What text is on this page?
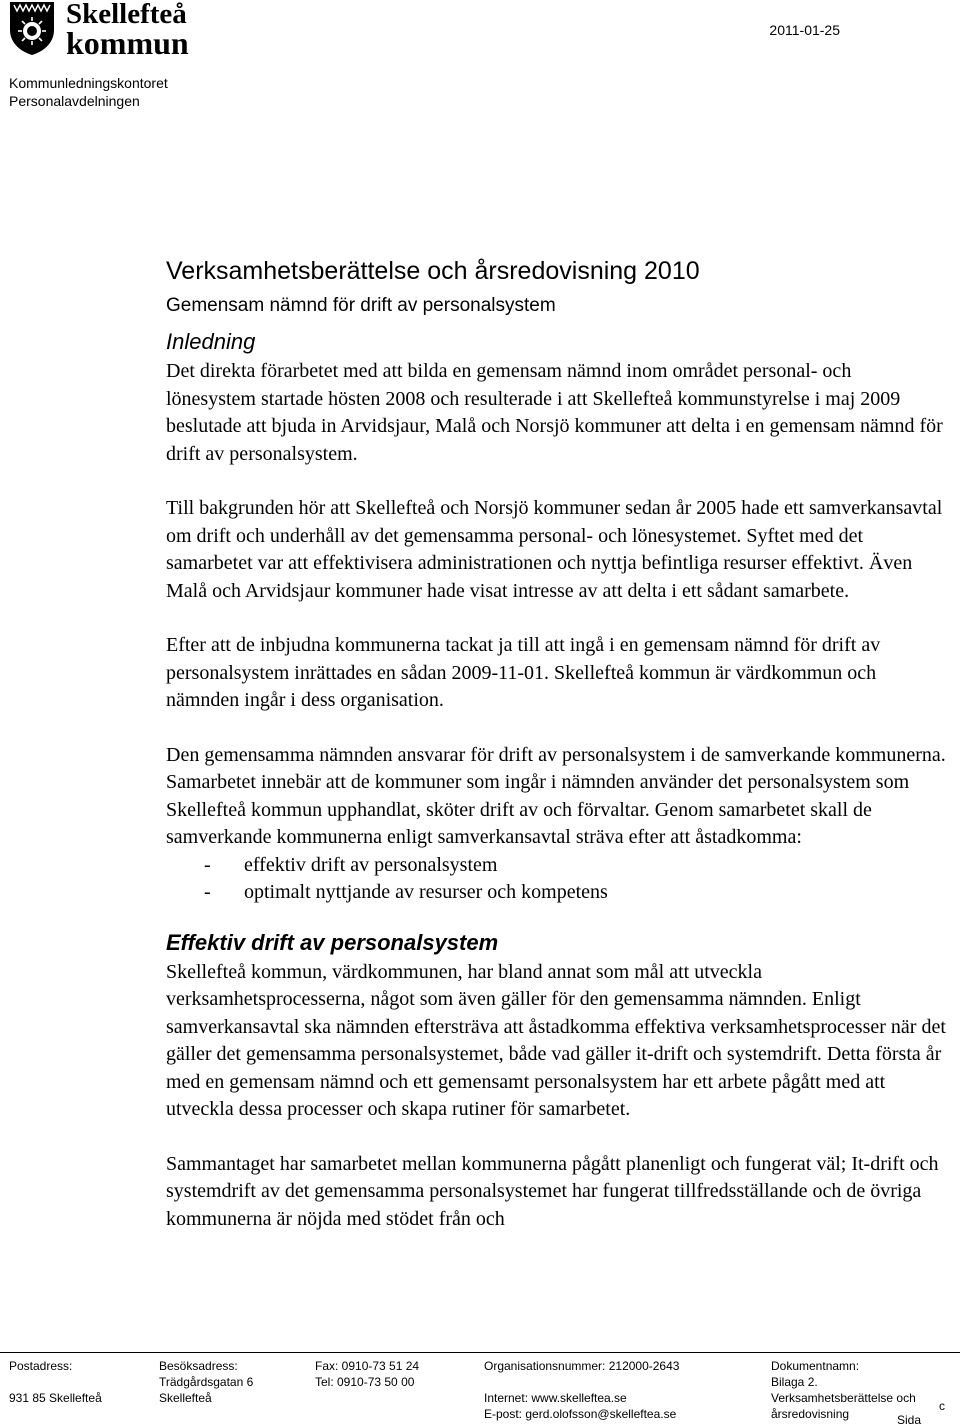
Skellefteå
kommun	2011-01-25
Kommunledningskontoret
Personalavdelningen
Verksamhetsberättelse och årsredovisning 2010
Gemensam nämnd för drift av personalsystem
Inledning

Det direkta förarbetet med att bilda en gemensam nämnd inom området personal- och lönesystem startade hösten 2008 och resulterade i att Skellefteå kommunstyrelse i maj 2009 beslutade att bjuda in Arvidsjaur, Malå och Norsjö kommuner att delta i en gemensam nämnd för drift av personalsystem.

Till bakgrunden hör att Skellefteå och Norsjö kommuner sedan år 2005 hade ett samverkansavtal om drift och underhåll av det gemensamma personal- och lönesystemet. Syftet med det samarbetet var att effektivisera administrationen och nyttja befintliga resurser effektivt. Även Malå och Arvidsjaur kommuner hade visat intresse av att delta i ett sådant samarbete.

Efter att de inbjudna kommunerna tackat ja till att ingå i en gemensam nämnd för drift av personalsystem inrättades en sådan 2009-11-01. Skellefteå kommun är värdkommun och nämnden ingår i dess organisation.

Den gemensamma nämnden ansvarar för drift av personalsystem i de samverkande kommunerna. Samarbetet innebär att de kommuner som ingår i nämnden använder det personalsystem som Skellefteå kommun upphandlat, sköter drift av och förvaltar. Genom samarbetet skall de samverkande kommunerna enligt samverkansavtal sträva efter att åstadkomma:

- effektiv drift av personalsystem
- optimalt nyttjande av resurser och kompetens
Effektiv drift av personalsystem

Skellefteå kommun, värdkommunen, har bland annat som mål att utveckla verksamhetsprocesserna, något som även gäller för den gemensamma nämnden. Enligt samverkansavtal ska nämnden eftersträva att åstadkomma effektiva verksamhetsprocesser när det gäller det gemensamma personalsystemet, både vad gäller it-drift och systemdrift. Detta första år med en gemensam nämnd och ett gemensamt personalsystem har ett arbete pågått med att utveckla dessa processer och skapa rutiner för samarbetet.

Sammantaget har samarbetet mellan kommunerna pågått planenligt och fungerat väl; It-drift och systemdrift av det gemensamma personalsystemet har fungerat tillfredsställande och de övriga kommunerna är nöjda med stödet från och

Postadress:
931 85 Skellefteå
Besöksadress:
Trädgårdsgatan 6
Skellefteå
Fax: 0910-73 51 24
Tel: 0910-73 50 00
Organisationsnummer: 212000-2643
Internet: www.skelleftea.se
E-post: gerd.olofsson@skelleftea.se
Dokumentnamn:
Bilaga 2.
Verksamhetsberättelse och
årsredovisning
c
Sida
